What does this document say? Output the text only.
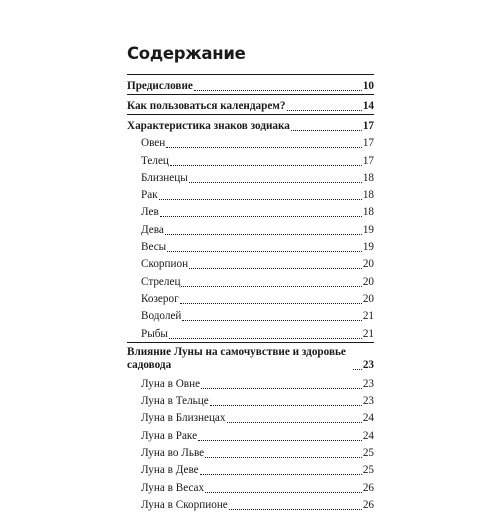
Содержание
Предисловие	10
Как пользоваться календарем?	14
Характеристика знаков зодиака	17
Овен	17
Телец	17
Близнецы	18
Рак	18
Лев	18
Дева	19
Весы	19
Скорпион	20
Стрелец	20
Козерог	20
Водолей	21
Рыбы	21
Влияние Луны на самочувствие и здоровье садовода	23
Луна в Овне	23
Луна в Тельце	23
Луна в Близнецах	24
Луна в Раке	24
Луна во Льве	25
Луна в Деве	25
Луна в Весах	26
Луна в Скорпионе	26
